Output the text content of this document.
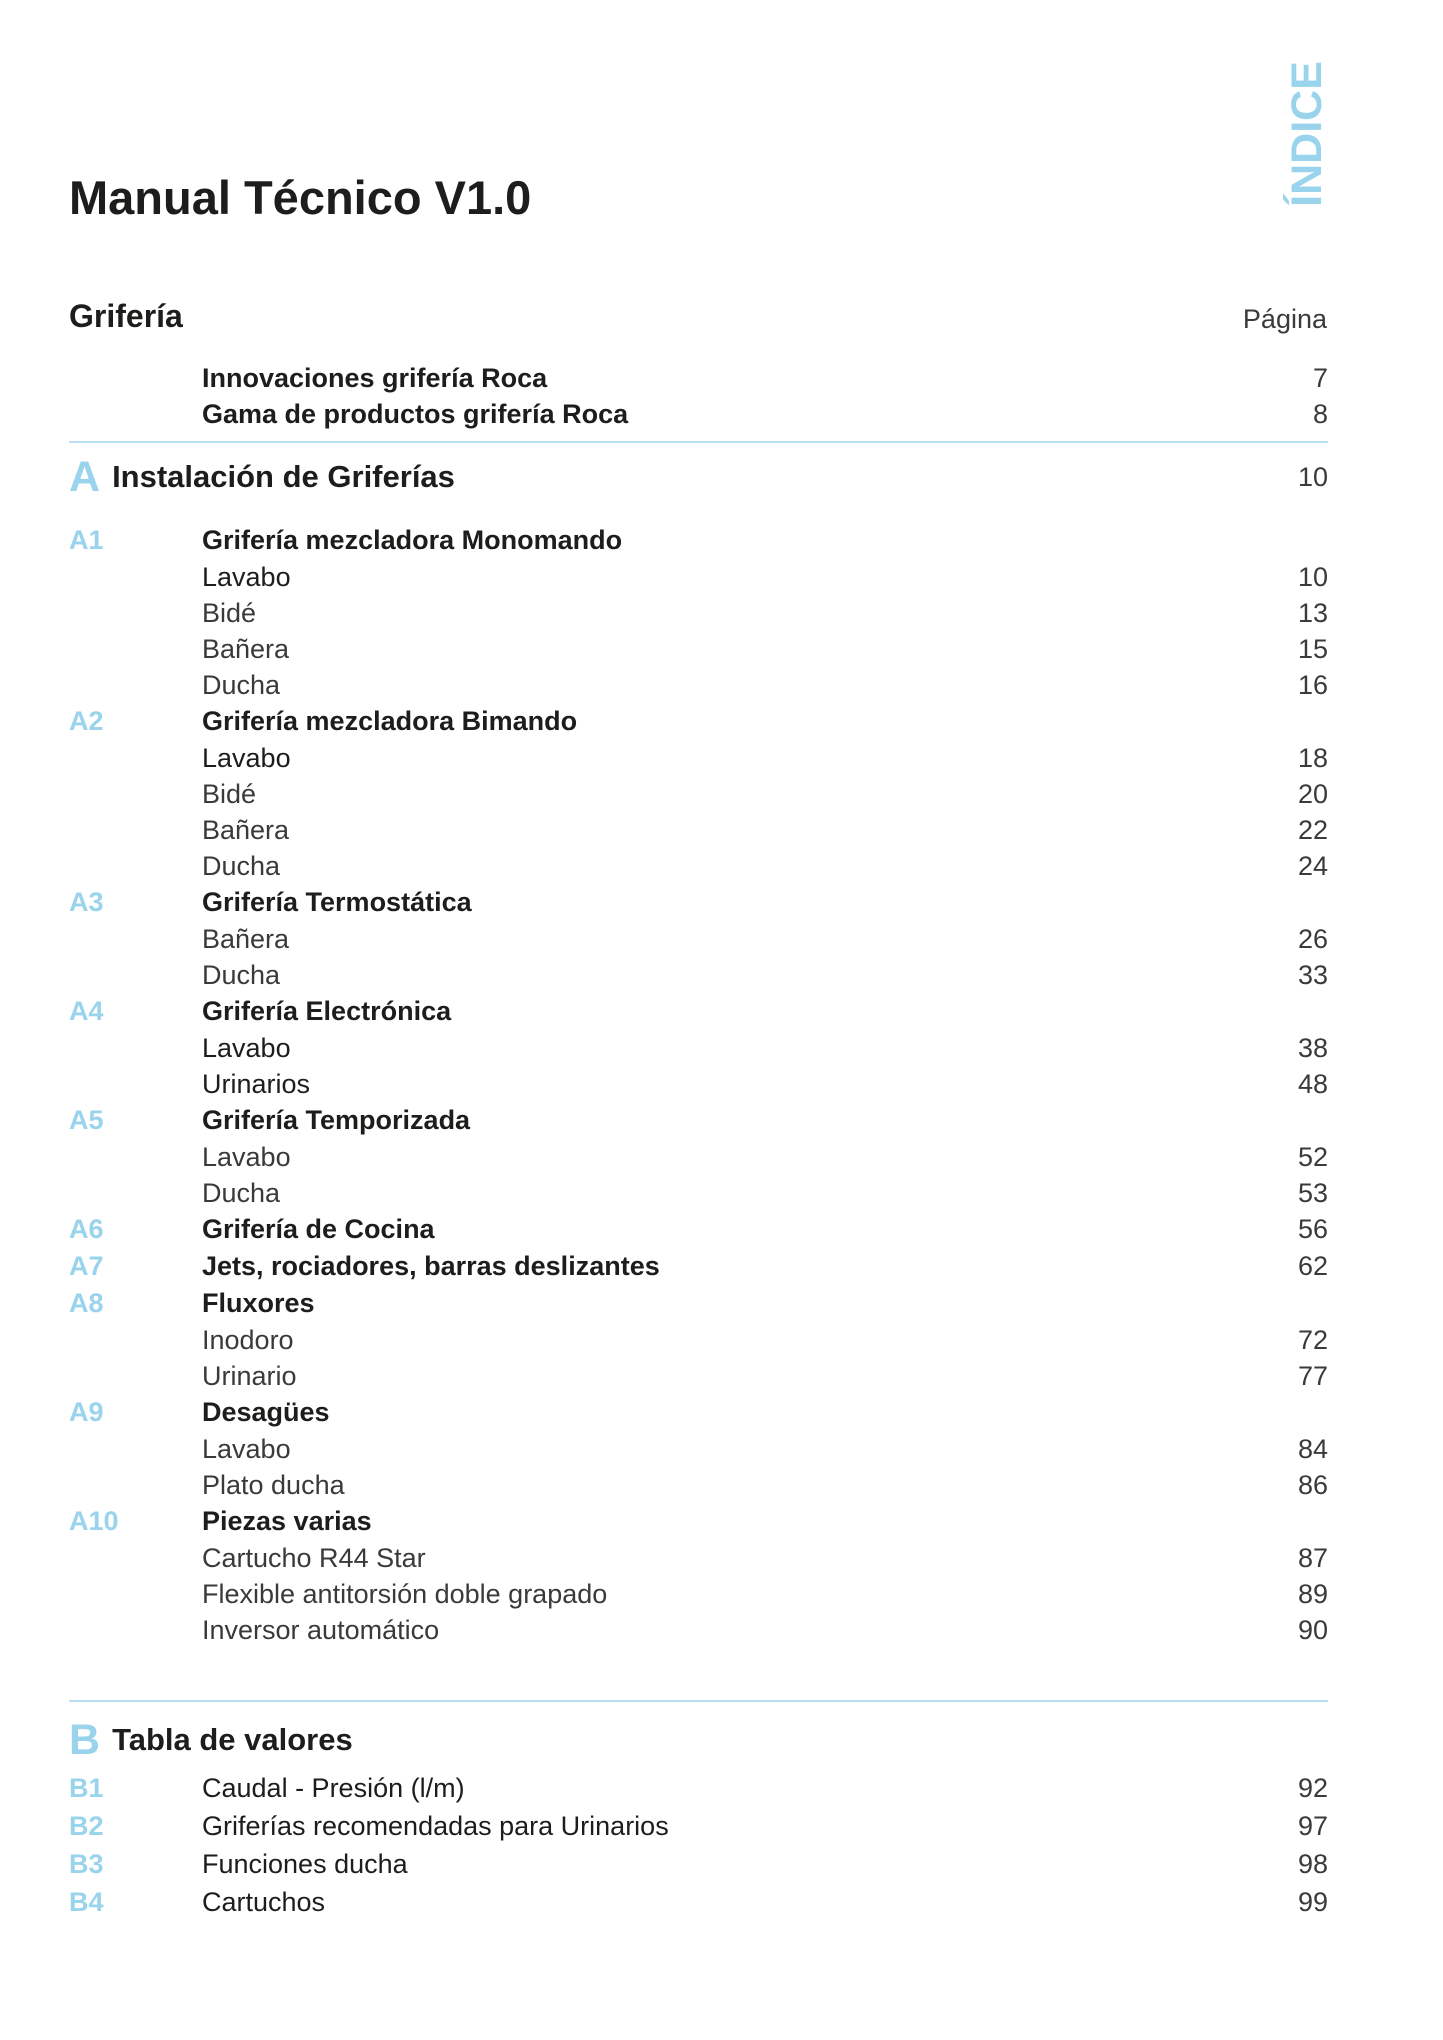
Manual Técnico V1.0	ÍNDICE
Grifería	Página
Innovaciones grifería Roca	7
Gama de productos grifería Roca	8
A Instalación de Griferías	10
A1	Grifería mezcladora Monomando
Lavabo	10
Bidé	13
Bañera	15
Ducha	16
A2	Grifería mezcladora Bimando
Lavabo	18
Bidé	20
Bañera	22
Ducha	24
A3	Grifería Termostática
Bañera	26
Ducha	33
A4	Grifería Electrónica
Lavabo	38
Urinarios	48
A5	Grifería Temporizada
Lavabo	52
Ducha	53
A6	Grifería de Cocina	56
A7	Jets, rociadores, barras deslizantes	62
A8	Fluxores
Inodoro	72
Urinario	77
A9	Desagües
Lavabo	84
Plato ducha	86
A10	Piezas varias
Cartucho R44 Star	87
Flexible antitorsión doble grapado	89
Inversor automático	90
B Tabla de valores
B1	Caudal - Presión (l/m)	92
B2	Griferías recomendadas para Urinarios	97
B3	Funciones ducha	98
B4	Cartuchos	99
